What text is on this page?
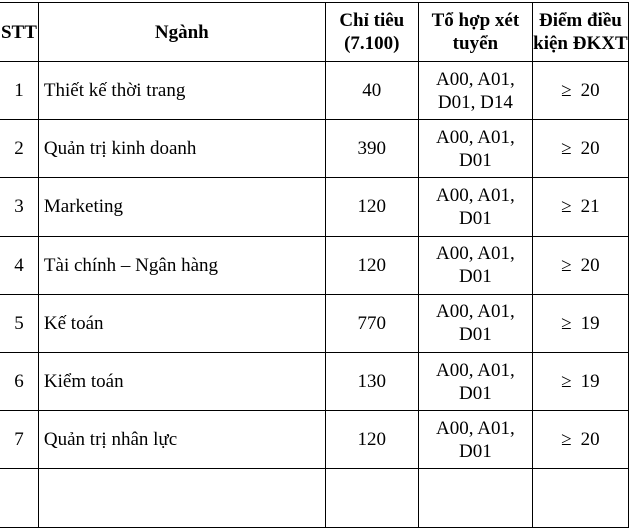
STT	Ngành	Chỉ tiêu (7.100)	Tổ hợp xét tuyển	Điểm điều kiện ĐKXT
1	Thiết kế thời trang	40	A00, A01, D01, D14	≥ 20
2	Quản trị kinh doanh	390	A00, A01, D01	≥ 20
3	Marketing	120	A00, A01, D01	≥ 21
4	Tài chính – Ngân hàng	120	A00, A01, D01	≥ 20
5	Kế toán	770	A00, A01, D01	≥ 19
6	Kiểm toán	130	A00, A01, D01	≥ 19
7	Quản trị nhân lực	120	A00, A01, D01	≥ 20
